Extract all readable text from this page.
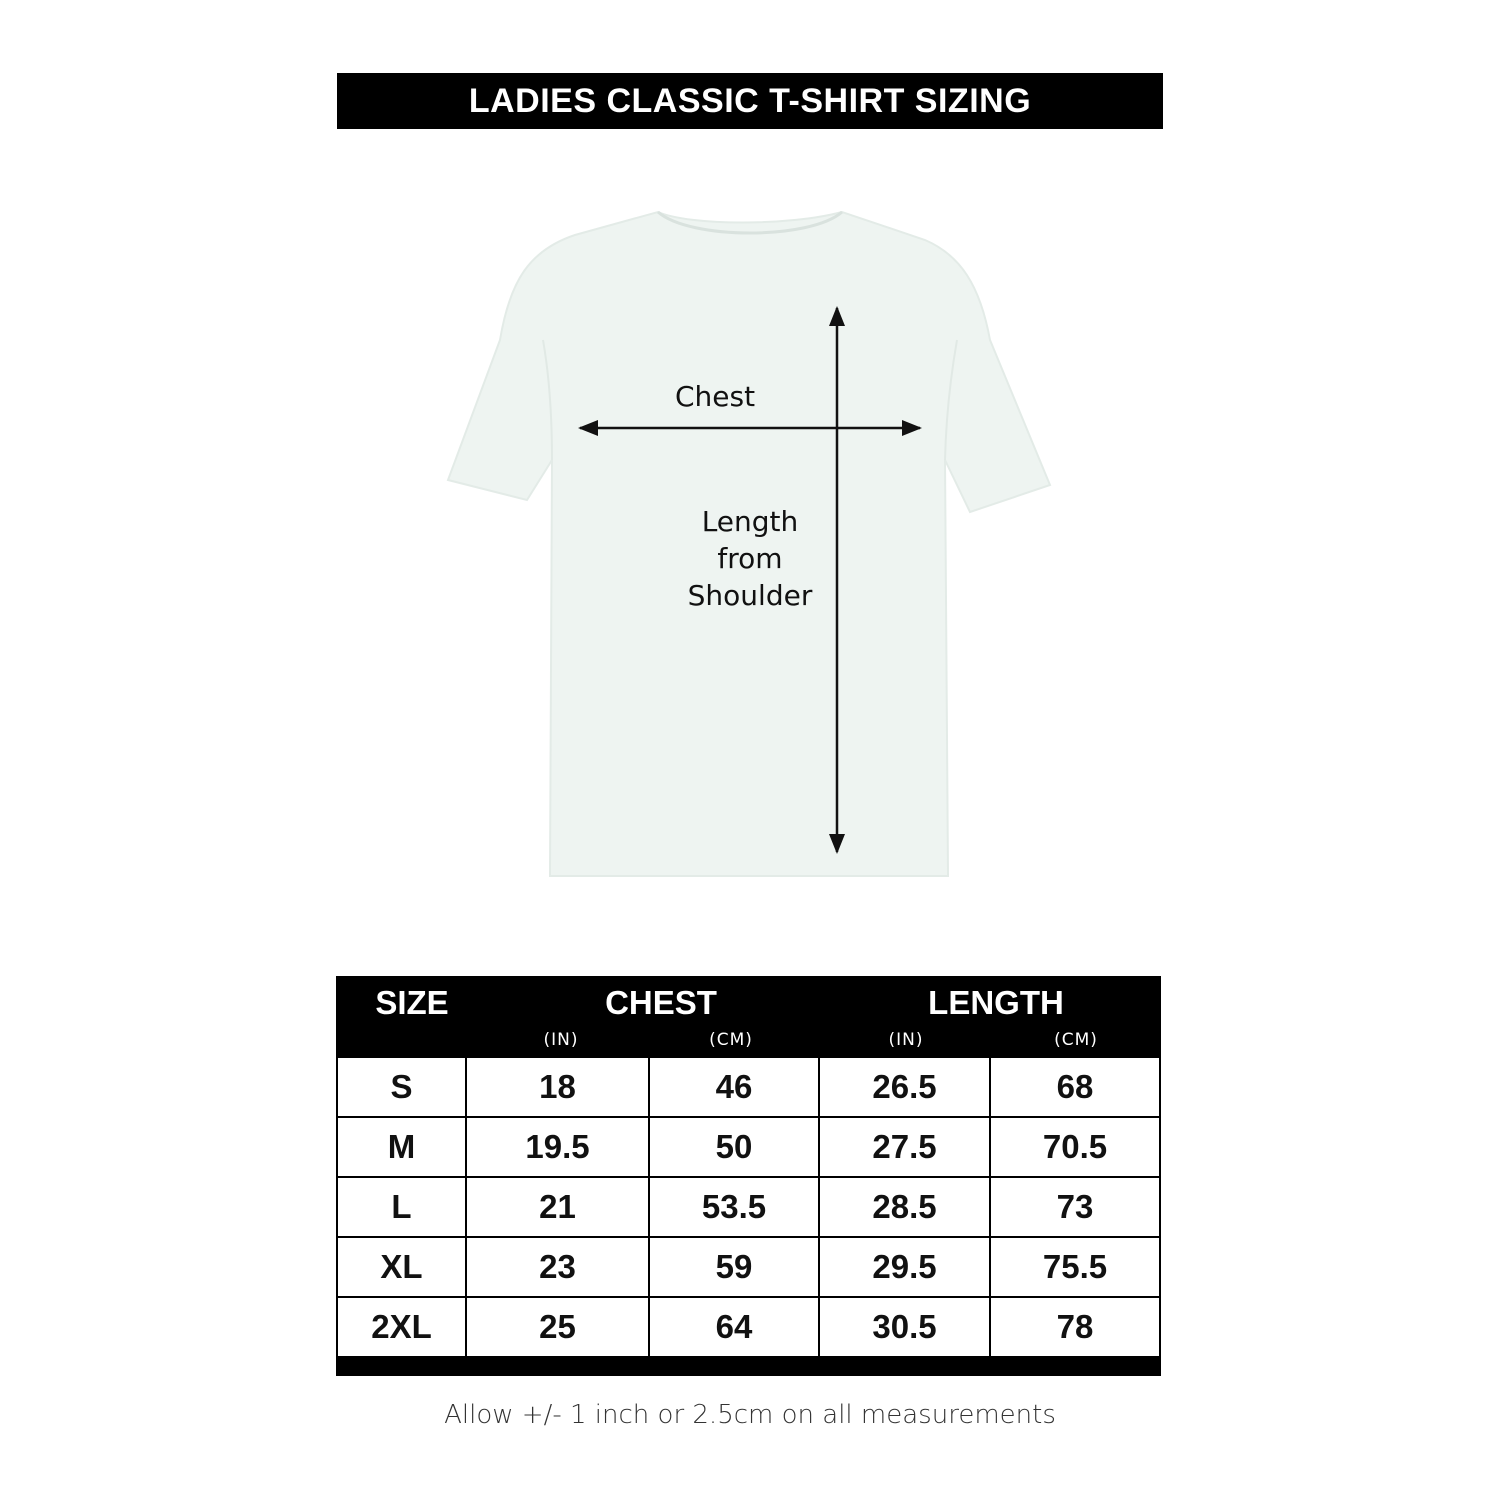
LADIES CLASSIC T-SHIRT SIZING
Chest
Length
from
Shoulder
SIZE	CHEST	LENGTH
(IN)	(CM)	(IN)	(CM)
S	18	46	26.5	68
M	19.5	50	27.5	70.5
L	21	53.5	28.5	73
XL	23	59	29.5	75.5
2XL	25	64	30.5	78
Allow +/- 1 inch or 2.5cm on all measurements
